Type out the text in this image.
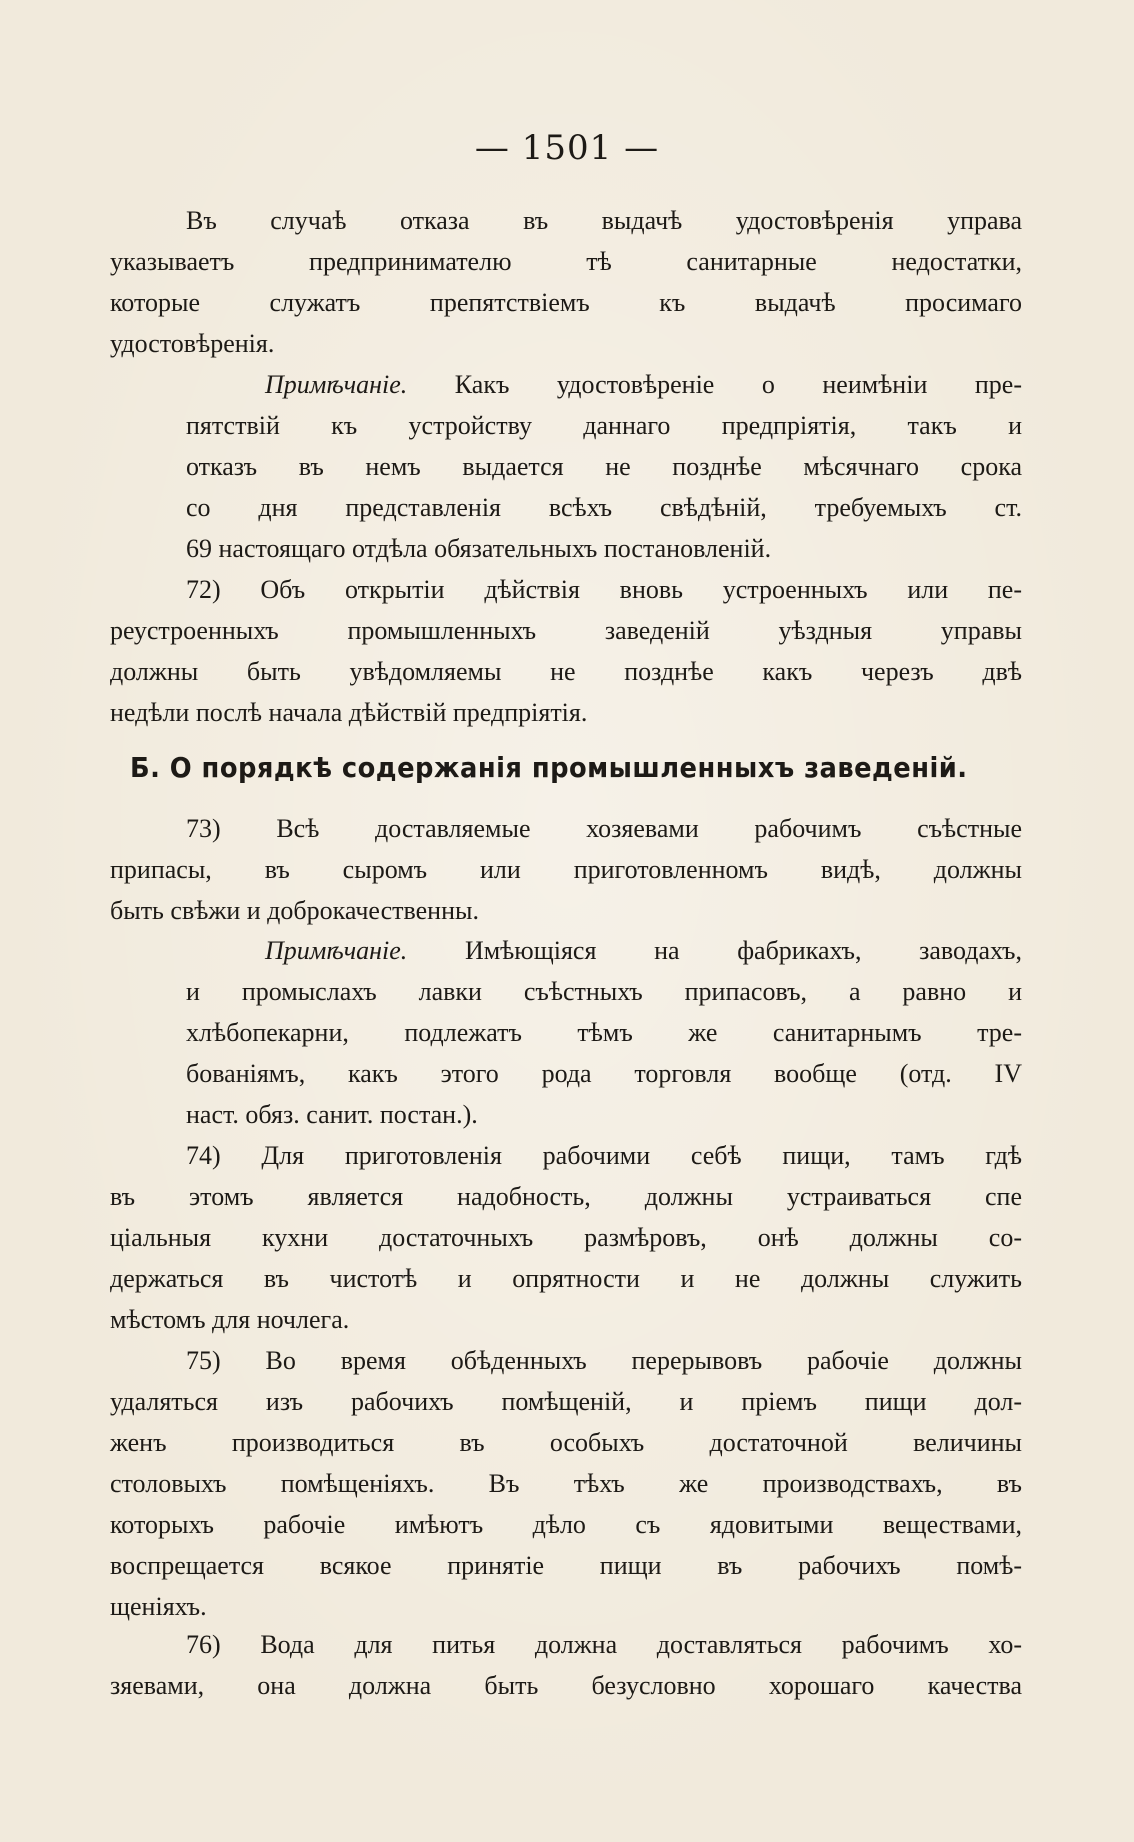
— 1501 —
Въ случаѣ отказа въ выдачѣ удостовѣренія управа
указываетъ предпринимателю тѣ санитарные недостатки,
которые служатъ препятствіемъ къ выдачѣ просимаго
удостовѣренія.
Примѣчаніе. Какъ удостовѣреніе о неимѣніи пре-
пятствій къ устройству даннаго предпріятія, такъ и
отказъ въ немъ выдается не позднѣе мѣсячнаго срока
со дня представленія всѣхъ свѣдѣній, требуемыхъ ст.
69 настоящаго отдѣла обязательныхъ постановленій.
72) Объ открытіи дѣйствія вновь устроенныхъ или пе-
реустроенныхъ промышленныхъ заведеній уѣздныя управы
должны быть увѣдомляемы не позднѣе какъ черезъ двѣ
недѣли послѣ начала дѣйствій предпріятія.
Б. О порядкѣ содержанія промышленныхъ заведеній.
73) Всѣ доставляемые хозяевами рабочимъ съѣстные
припасы, въ сыромъ или приготовленномъ видѣ, должны
быть свѣжи и доброкачественны.
Примѣчаніе. Имѣющіяся на фабрикахъ, заводахъ,
и промыслахъ лавки съѣстныхъ припасовъ, а равно и
хлѣбопекарни, подлежатъ тѣмъ же санитарнымъ тре-
бованіямъ, какъ этого рода торговля вообще (отд. IV
наст. обяз. санит. постан.).
74) Для приготовленія рабочими себѣ пищи, тамъ гдѣ
въ этомъ является надобность, должны устраиваться спе
ціальныя кухни достаточныхъ размѣровъ, онѣ должны со-
держаться въ чистотѣ и опрятности и не должны служить
мѣстомъ для ночлега.
75) Во время обѣденныхъ перерывовъ рабочіе должны
удаляться изъ рабочихъ помѣщеній, и пріемъ пищи дол-
женъ производиться въ особыхъ достаточной величины
столовыхъ помѣщеніяхъ. Въ тѣхъ же производствахъ, въ
которыхъ рабочіе имѣютъ дѣло съ ядовитыми веществами,
воспрещается всякое принятіе пищи въ рабочихъ помѣ-
щеніяхъ.
76) Вода для питья должна доставляться рабочимъ хо-
зяевами, она должна быть безусловно хорошаго качества
